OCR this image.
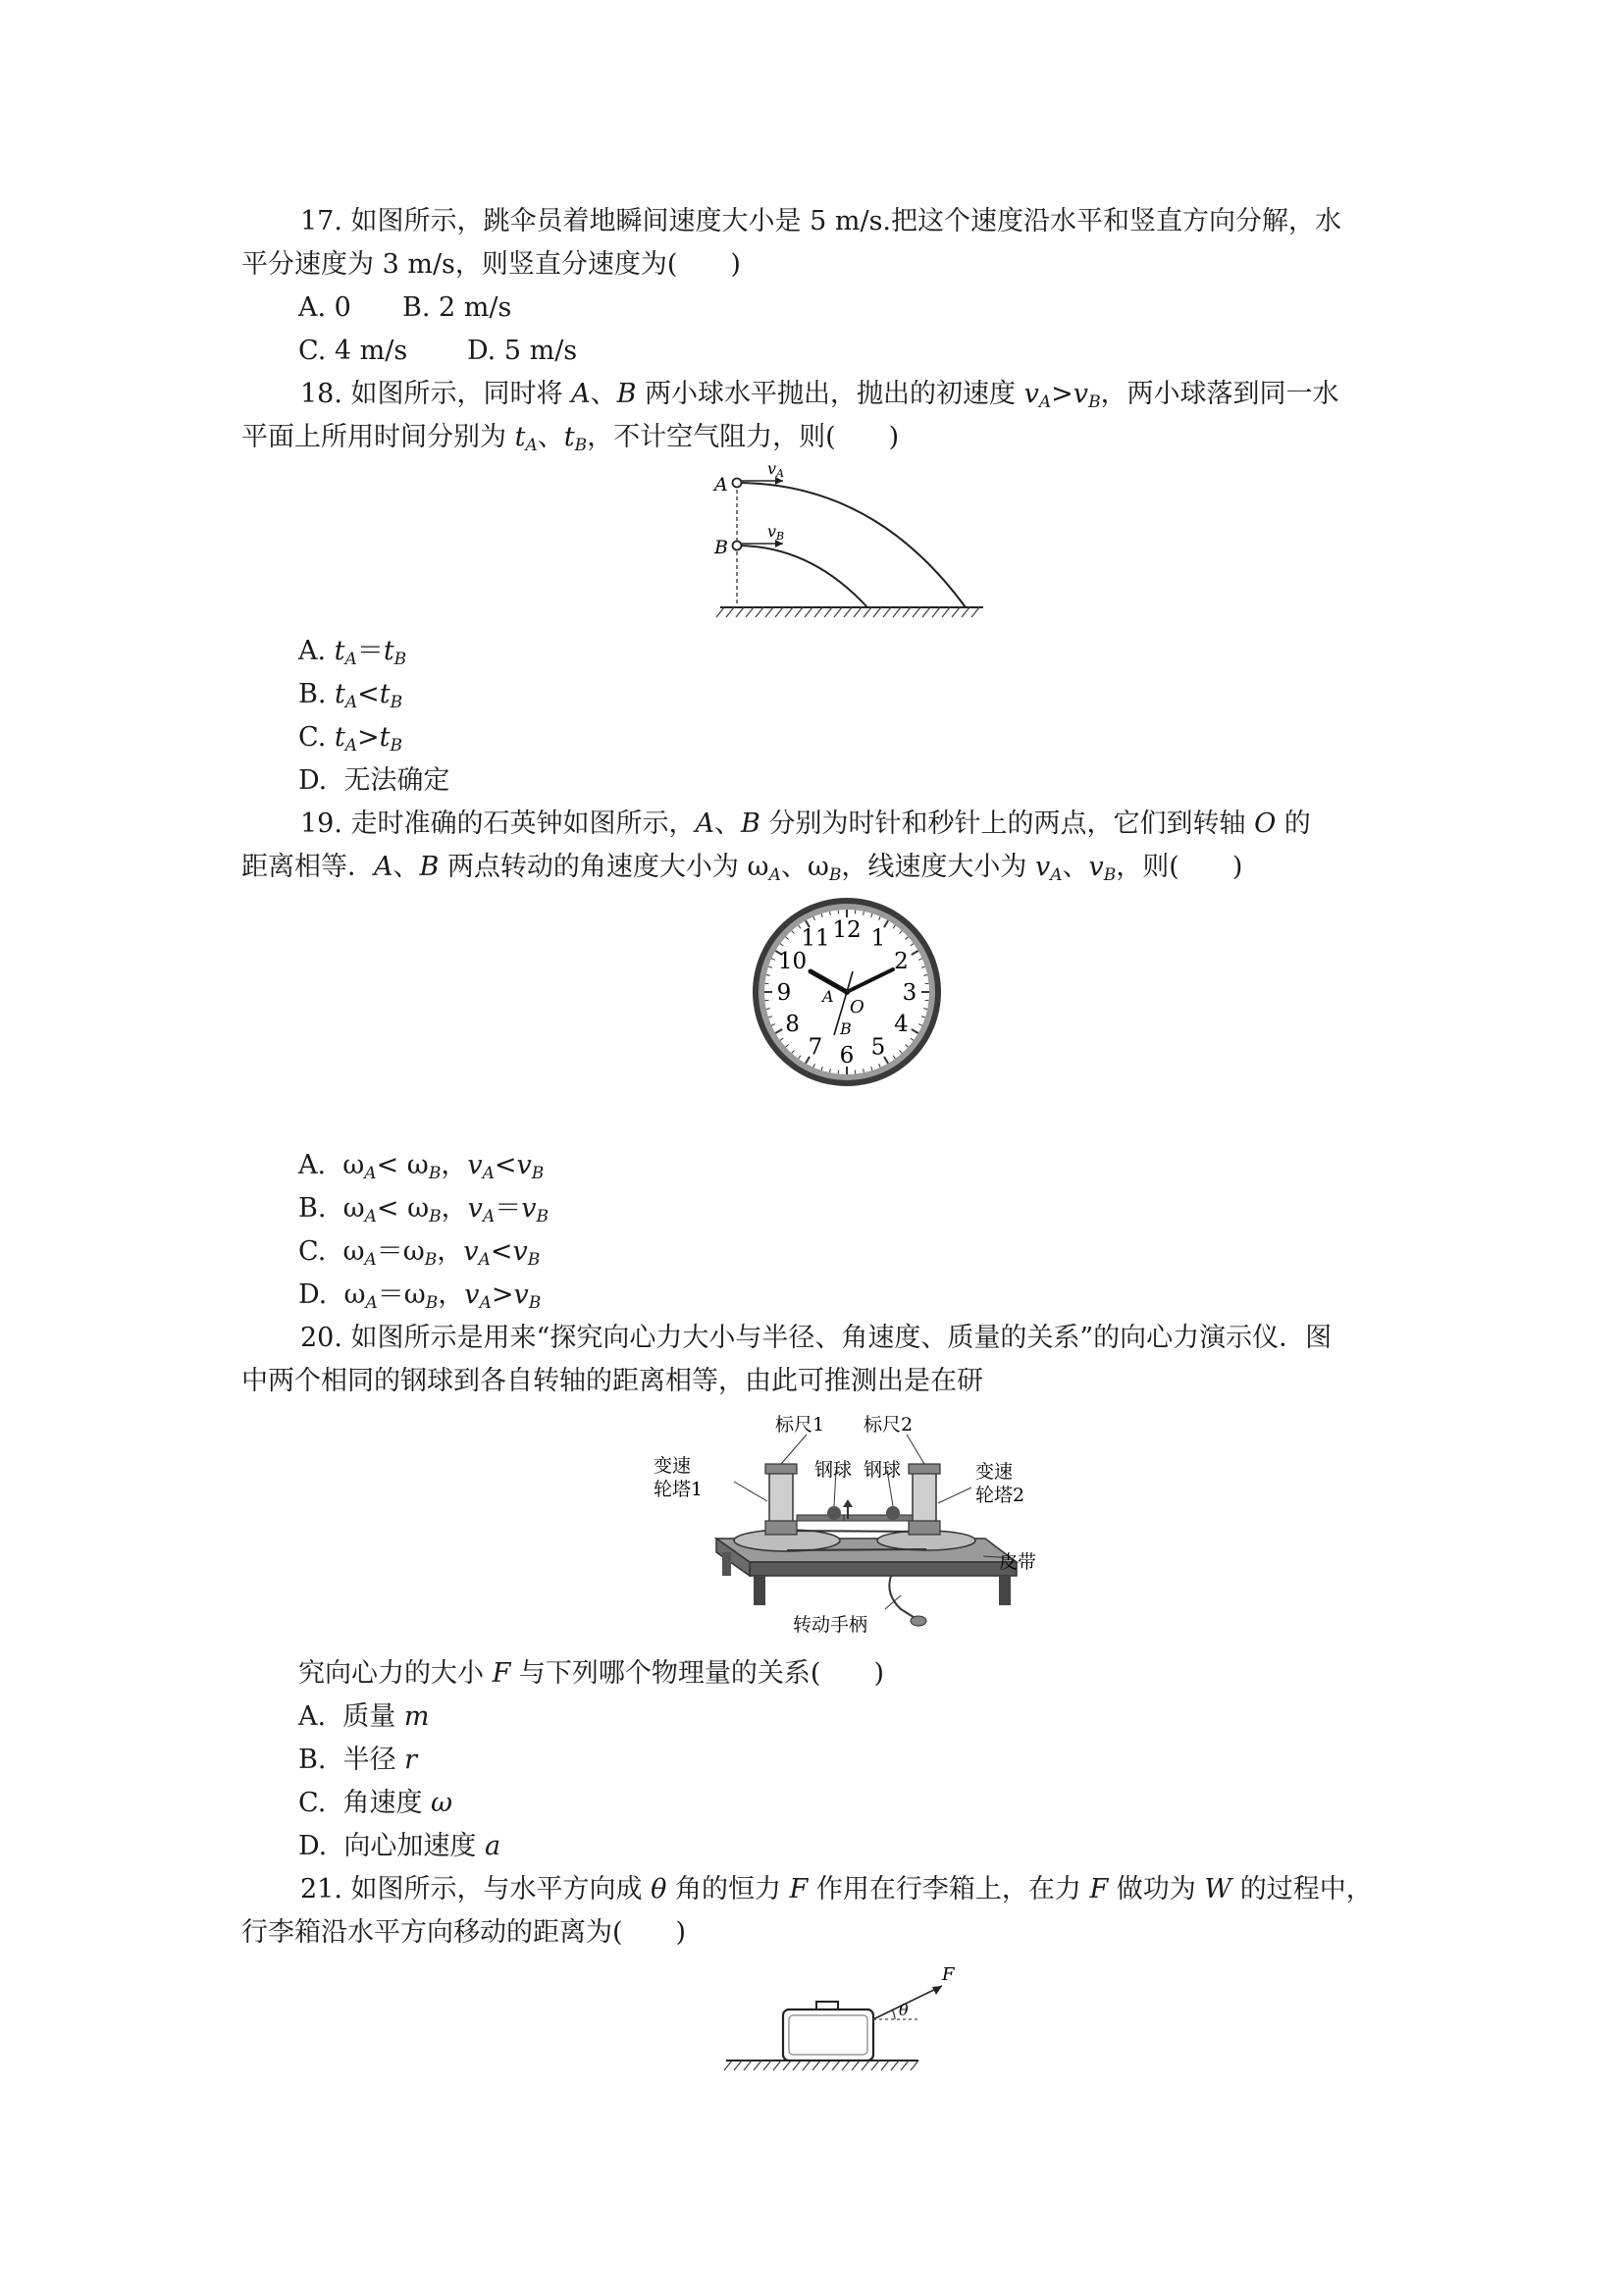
17. 如图所示，跳伞员着地瞬间速度大小是 5 m/s.把这个速度沿水平和竖直方向分解，水
平分速度为 3 m/s，则竖直分速度为(　　)
A. 0 B. 2 m/s
C. 4 m/s D. 5 m/s
18. 如图所示，同时将 A、B 两小球水平抛出，抛出的初速度 $v_A>v_B$，两小球落到同一水
平面上所用时间分别为 $t_A$、$t_B$，不计空气阻力，则(　　)
A
B
vA
vB
A. $t_A=t_B$
B. $t_A<t_B$
C. $t_A>t_B$
D.  无法确定
19. 走时准确的石英钟如图所示，A、B 分别为时针和秒针上的两点，它们到转轴 O 的
距离相等．A、B 两点转动的角速度大小为 $\omega_A$、$\omega_B$，线速度大小为 $v_A$、$v_B$，则(　　)
12 1
2
3
4
5
6
7
8
9
10
11
A
B
O
A. $\omega_A< \omega_B$，$v_A<v_B$
B. $\omega_A< \omega_B$，$v_A=v_B$
C. $\omega_A=\omega_B$，$v_A<v_B$
D. $\omega_A=\omega_B$，$v_A>v_B$
20. 如图所示是用来“探究向心力大小与半径、角速度、质量的关系”的向心力演示仪．图
中两个相同的钢球到各自转轴的距离相等，由此可推测出是在研
标尺1 标尺2
变速
轮塔1
变速
轮塔2
钢球 钢球
皮带
转动手柄
究向心力的大小 F 与下列哪个物理量的关系(　　)
A.  质量 m
B.  半径 r
C.  角速度 ω
D.  向心加速度 a
21. 如图所示，与水平方向成 θ 角的恒力 F 作用在行李箱上，在力 F 做功为 W 的过程中，
行李箱沿水平方向移动的距离为(　　)
F
θ
